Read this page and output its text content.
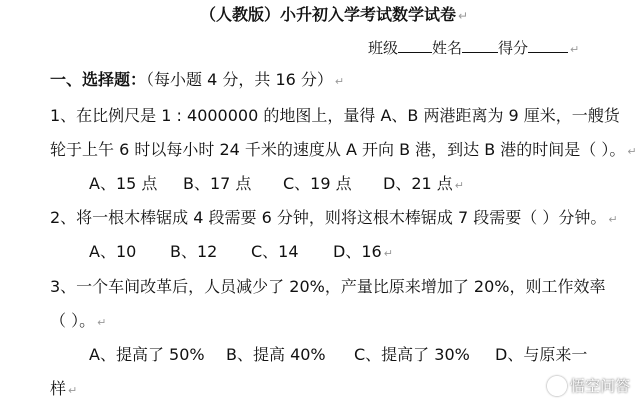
（人教版）小升初入学考试数学试卷 ↵
班级 姓名 得分	↵
一、选择题：（每小题 4 分，共 16 分） ↵
1、在比例尺是 1 : 4000000 的地图上，量得 A、B 两港距离为 9 厘米，一艘货
轮于上午 6 时以每小时 24 千米的速度从 A 开向 B 港，到达 B 港的时间是（ ）。 ↵
A、15 点 B、17 点 C、19 点 D、21 点 ↵
2、将一根木棒锯成 4 段需要 6 分钟，则将这根木棒锯成 7 段需要（ ）分钟。 ↵
A、10 B、12 C、14 D、16 ↵
3、一个车间改革后，人员减少了 20%，产量比原来增加了 20%，则工作效率
（ ）。 ↵
A、提高了 50% B、提高 40% C、提高了 30% D、与原来一
样 ↵	悟空问答
